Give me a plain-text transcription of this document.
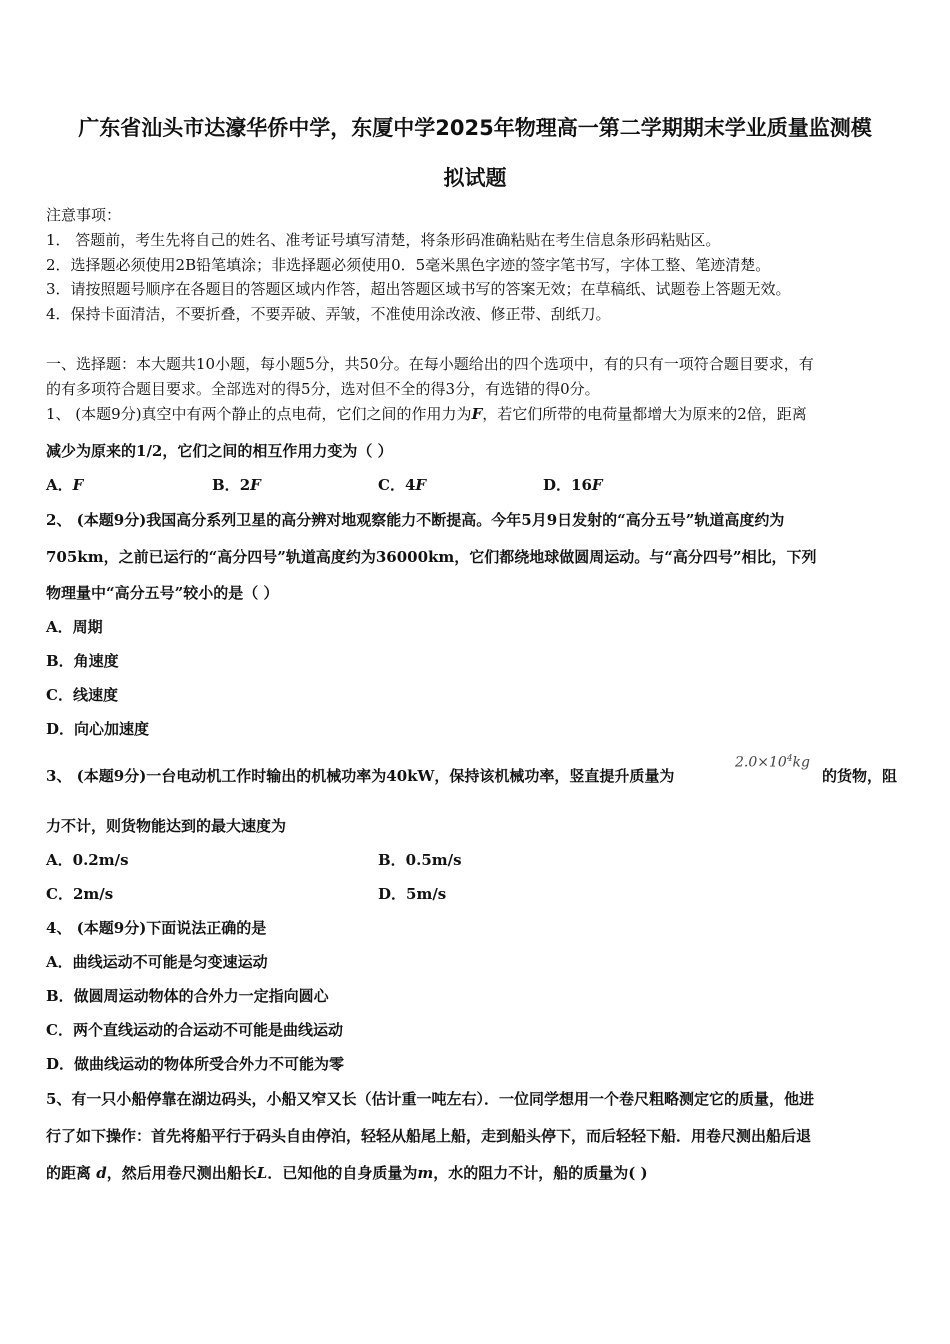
广东省汕头市达濠华侨中学，东厦中学2025年物理高一第二学期期末学业质量监测模
拟试题
注意事项：
1． 答题前，考生先将自己的姓名、准考证号填写清楚，将条形码准确粘贴在考生信息条形码粘贴区。
2．选择题必须使用2B铅笔填涂；非选择题必须使用0．5毫米黑色字迹的签字笔书写，字体工整、笔迹清楚。
3．请按照题号顺序在各题目的答题区域内作答，超出答题区域书写的答案无效；在草稿纸、试题卷上答题无效。
4．保持卡面清洁，不要折叠，不要弄破、弄皱，不准使用涂改液、修正带、刮纸刀。
一、选择题：本大题共10小题，每小题5分，共50分。在每小题给出的四个选项中，有的只有一项符合题目要求，有
的有多项符合题目要求。全部选对的得5分，选对但不全的得3分，有选错的得0分。
1、 (本题9分)真空中有两个静止的点电荷，它们之间的作用力为F，若它们所带的电荷量都增大为原来的2倍，距离
减少为原来的1/2，它们之间的相互作用力变为（ ）
A．F	B．2F	C．4F	D．16F
2、 (本题9分)我国高分系列卫星的高分辨对地观察能力不断提高。今年5月9日发射的“高分五号”轨道高度约为
705km，之前已运行的“高分四号”轨道高度约为36000km，它们都绕地球做圆周运动。与“高分四号”相比，下列
物理量中“高分五号”较小的是（ ）
A．周期
B．角速度
C．线速度
D．向心加速度
3、 (本题9分)一台电动机工作时输出的机械功率为40kW，保持该机械功率，竖直提升质量为
$2.0\times 10^4kg$
的货物，阻
力不计，则货物能达到的最大速度为
A．0.2m/s	B．0.5m/s
C．2m/s	D．5m/s
4、 (本题9分)下面说法正确的是
A．曲线运动不可能是匀变速运动
B．做圆周运动物体的合外力一定指向圆心
C．两个直线运动的合运动不可能是曲线运动
D．做曲线运动的物体所受合外力不可能为零
5、有一只小船停靠在湖边码头，小船又窄又长（估计重一吨左右）．一位同学想用一个卷尺粗略测定它的质量，他进
行了如下操作：首先将船平行于码头自由停泊，轻轻从船尾上船，走到船头停下，而后轻轻下船．用卷尺测出船后退
的距离 d，然后用卷尺测出船长L．已知他的自身质量为m，水的阻力不计，船的质量为( )
